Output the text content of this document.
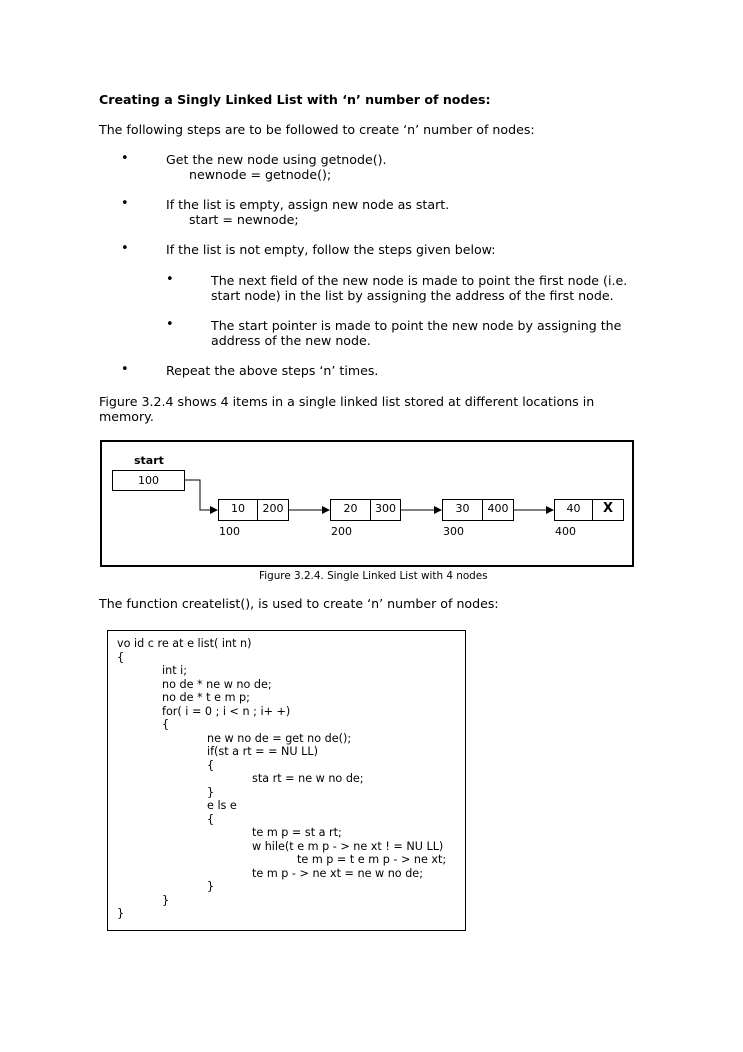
Creating a Singly Linked List with ‘n’ number of nodes:
The following steps are to be followed to create ‘n’ number of nodes:
•	Get the new node using getnode().
newnode = getnode();
•	If the list is empty, assign new node as start.
start = newnode;
•	If the list is not empty, follow the steps given below:
•	The next field of the new node is made to point the first node (i.e.
start node) in the list by assigning the address of the first node.
•	The start pointer is made to point the new node by assigning the
address of the new node.
•	Repeat the above steps ‘n’ times.
Figure 3.2.4 shows 4 items in a single linked list stored at different locations in
memory.
start
100
10	200
100
20	300
200
30	400
300
40	X
400
Figure 3.2.4. Single Linked List with 4 nodes
The function createlist(), is used to create ‘n’ number of nodes:
vo id c re at e list( int n)
{
int i;
no de * ne w no de;
no de * t e m p;
for( i = 0 ; i < n ; i+ +)
{
ne w no de = get no de();
if(st a rt = = NU LL)
{
sta rt = ne w no de;
}
e ls e
{
te m p = st a rt;
w hile(t e m p - > ne xt ! = NU LL)
te m p = t e m p - > ne xt;
te m p - > ne xt = ne w no de;
}
}
}
